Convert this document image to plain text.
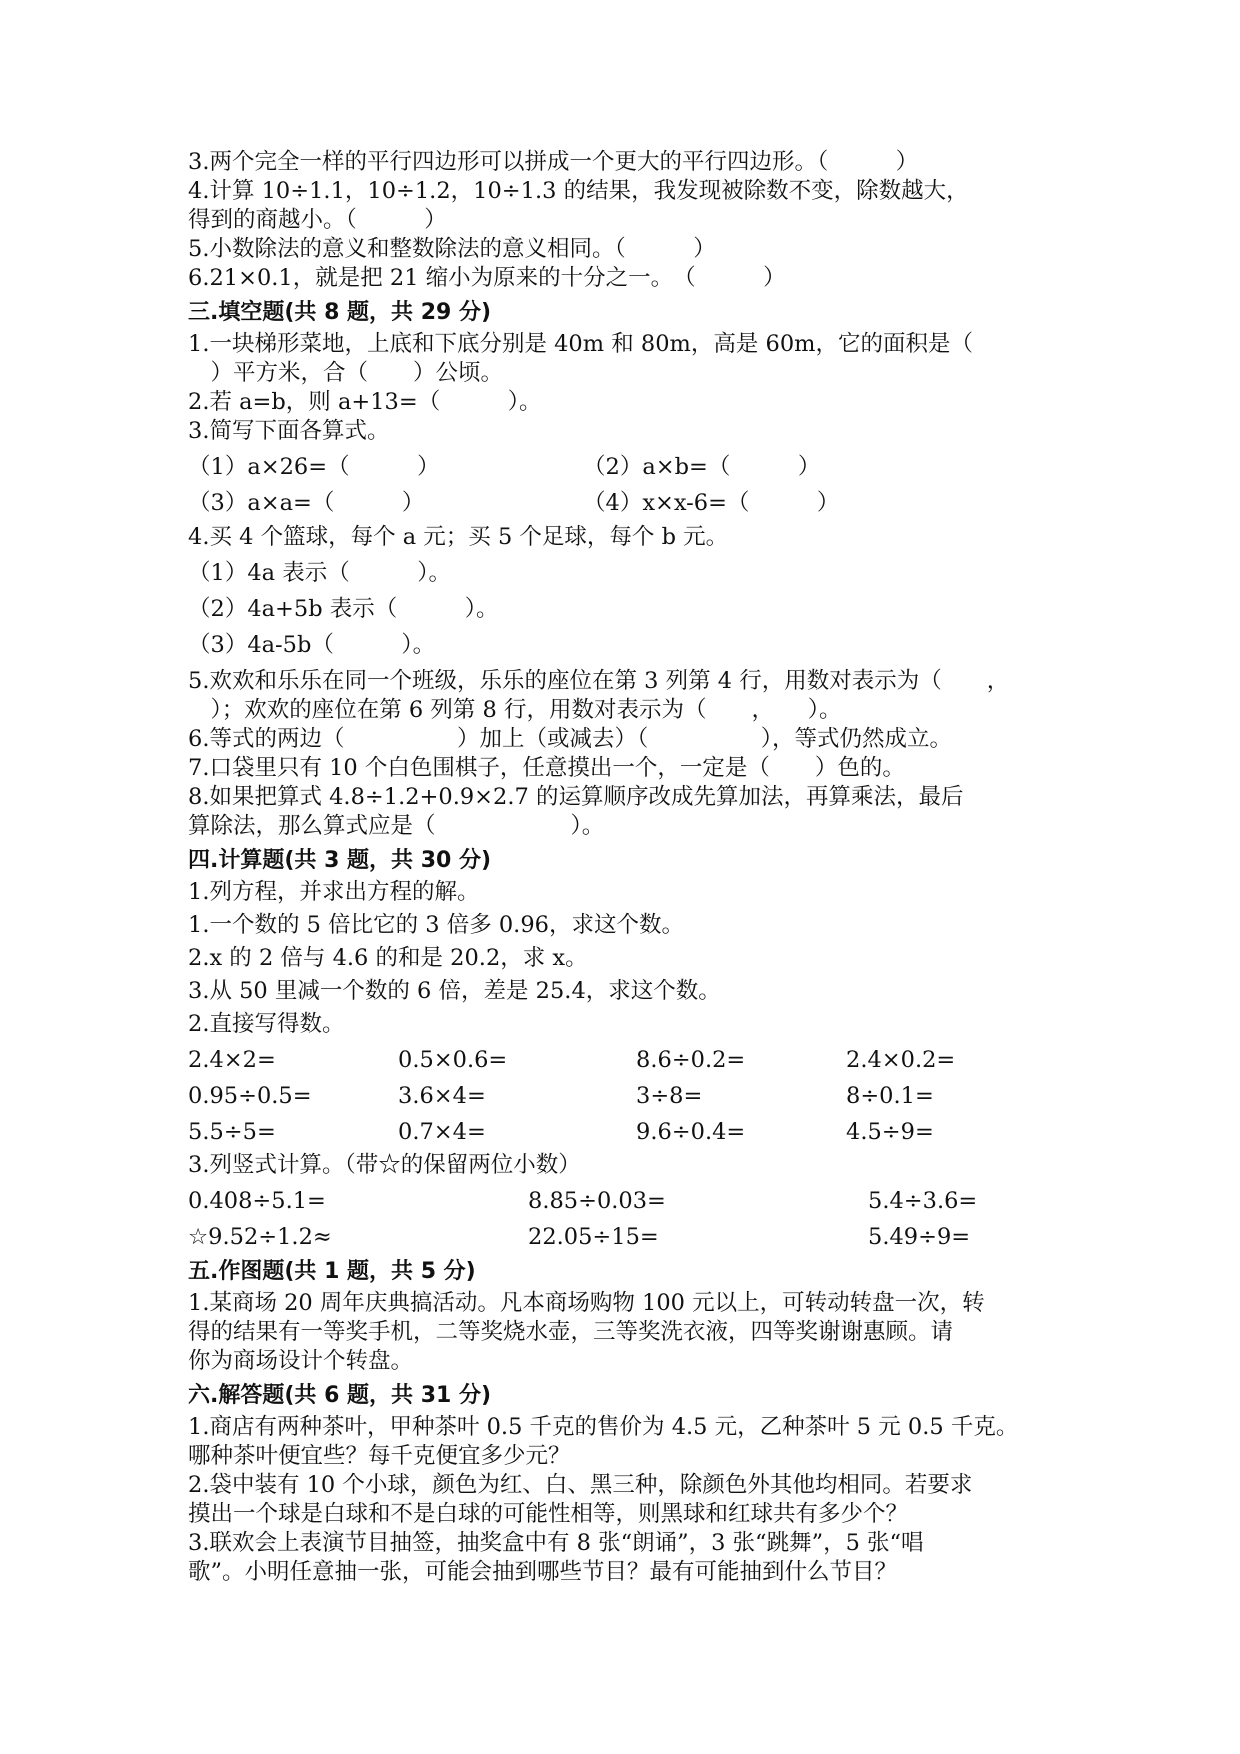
3.两个完全一样的平行四边形可以拼成一个更大的平行四边形。（　　　）

4.计算 10÷1.1，10÷1.2，10÷1.3 的结果，我发现被除数不变，除数越大，

得到的商越小。（　　　）

5.小数除法的意义和整数除法的意义相同。（　　　）

6.21×0.1，就是把 21 缩小为原来的十分之一。　（　　　）

三.填空题(共 8 题，共 29 分)

1.一块梯形菜地，上底和下底分别是 40m 和 80m，高是 60m，它的面积是（

　）平方米，合（　　）公顷。

2.若 a=b，则 a+13=（　　　）。

3.简写下面各算式。

（1）a×26=（　　　）	（2）a×b=（　　　）
（3）a×a=（　　　）	（4）x×x-6=（　　　）

4.买 4 个篮球，每个 a 元；买 5 个足球，每个 b 元。

（1）4a 表示（　　　）。
（2）4a+5b 表示（　　　）。
（3）4a-5b（　　　）。

5.欢欢和乐乐在同一个班级，乐乐的座位在第 3 列第 4 行，用数对表示为（　　，

　）；欢欢的座位在第 6 列第 8 行，用数对表示为（　　，　　）。

6.等式的两边（　　　　　）加上（或减去）（　　　　　），等式仍然成立。

7.口袋里只有 10 个白色围棋子，任意摸出一个，一定是（　　）色的。

8.如果把算式 4.8÷1.2+0.9×2.7 的运算顺序改成先算加法，再算乘法，最后

算除法，那么算式应是（　　　　　　）。

四.计算题(共 3 题，共 30 分)

1.列方程，并求出方程的解。

1.一个数的 5 倍比它的 3 倍多 0.96，求这个数。

2.x 的 2 倍与 4.6 的和是 20.2，求 x。

3.从 50 里减一个数的 6 倍，差是 25.4，求这个数。

2.直接写得数。

2.4×2=	0.5×0.6=	8.6÷0.2=	2.4×0.2=
0.95÷0.5=	3.6×4=	3÷8=	8÷0.1=
5.5÷5=	0.7×4=	9.6÷0.4=	4.5÷9=

3.列竖式计算。（带☆的保留两位小数）

0.408÷5.1=	8.85÷0.03=	5.4÷3.6=
☆9.52÷1.2≈	22.05÷15=	5.49÷9=
五.作图题(共 1 题，共 5 分)

1.某商场 20 周年庆典搞活动。凡本商场购物 100 元以上，可转动转盘一次，转

得的结果有一等奖手机，二等奖烧水壶，三等奖洗衣液，四等奖谢谢惠顾。请

你为商场设计个转盘。

六.解答题(共 6 题，共 31 分)

1.商店有两种茶叶，甲种茶叶 0.5 千克的售价为 4.5 元，乙种茶叶 5 元 0.5 千克。

哪种茶叶便宜些？每千克便宜多少元？

2.袋中装有 10 个小球，颜色为红、白、黑三种，除颜色外其他均相同。若要求

摸出一个球是白球和不是白球的可能性相等，则黑球和红球共有多少个？

3.联欢会上表演节目抽签，抽奖盒中有 8 张“朗诵”，3 张“跳舞”，5 张“唱

歌”。小明任意抽一张，可能会抽到哪些节目？最有可能抽到什么节目？
